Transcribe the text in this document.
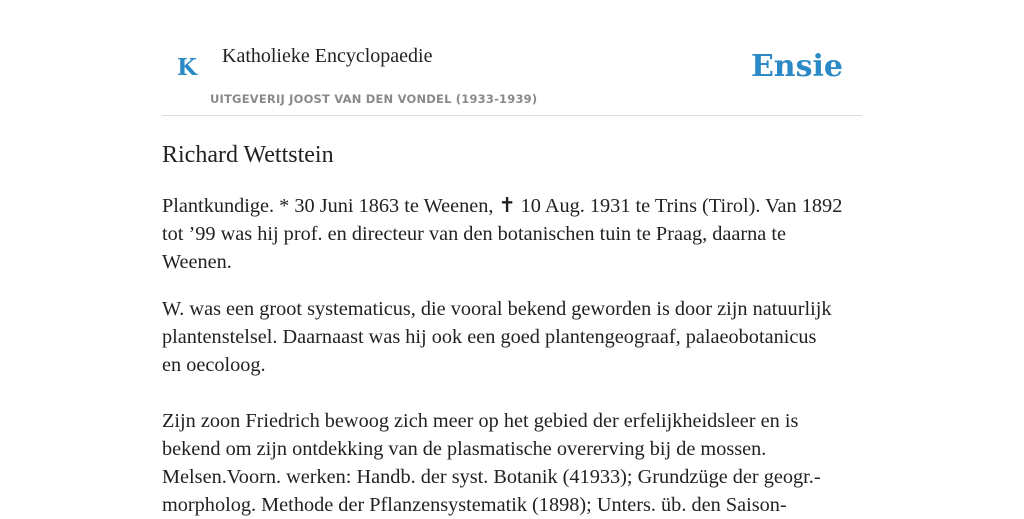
K Katholieke Encyclopaedie
UITGEVERIJ JOOST VAN DEN VONDEL (1933-1939)
Ensie
Richard Wettstein

Plantkundige. * 30 Juni 1863 te Weenen, ✝ 10 Aug. 1931 te Trins (Tirol). Van 1892
tot ’99 was hij prof. en directeur van den botanischen tuin te Praag, daarna te
Weenen.

W. was een groot systematicus, die vooral bekend geworden is door zijn natuurlijk
plantenstelsel. Daarnaast was hij ook een goed plantengeograaf, palaeobotanicus
en oecoloog.

Zijn zoon Friedrich bewoog zich meer op het gebied der erfelijkheidsleer en is
bekend om zijn ontdekking van de plasmatische overerving bij de mossen.
Melsen.Voorn. werken: Handb. der syst. Botanik (41933); Grundzüge der geogr.-
morpholog. Methode der Pflanzensystematik (1898); Unters. üb. den Saison-
